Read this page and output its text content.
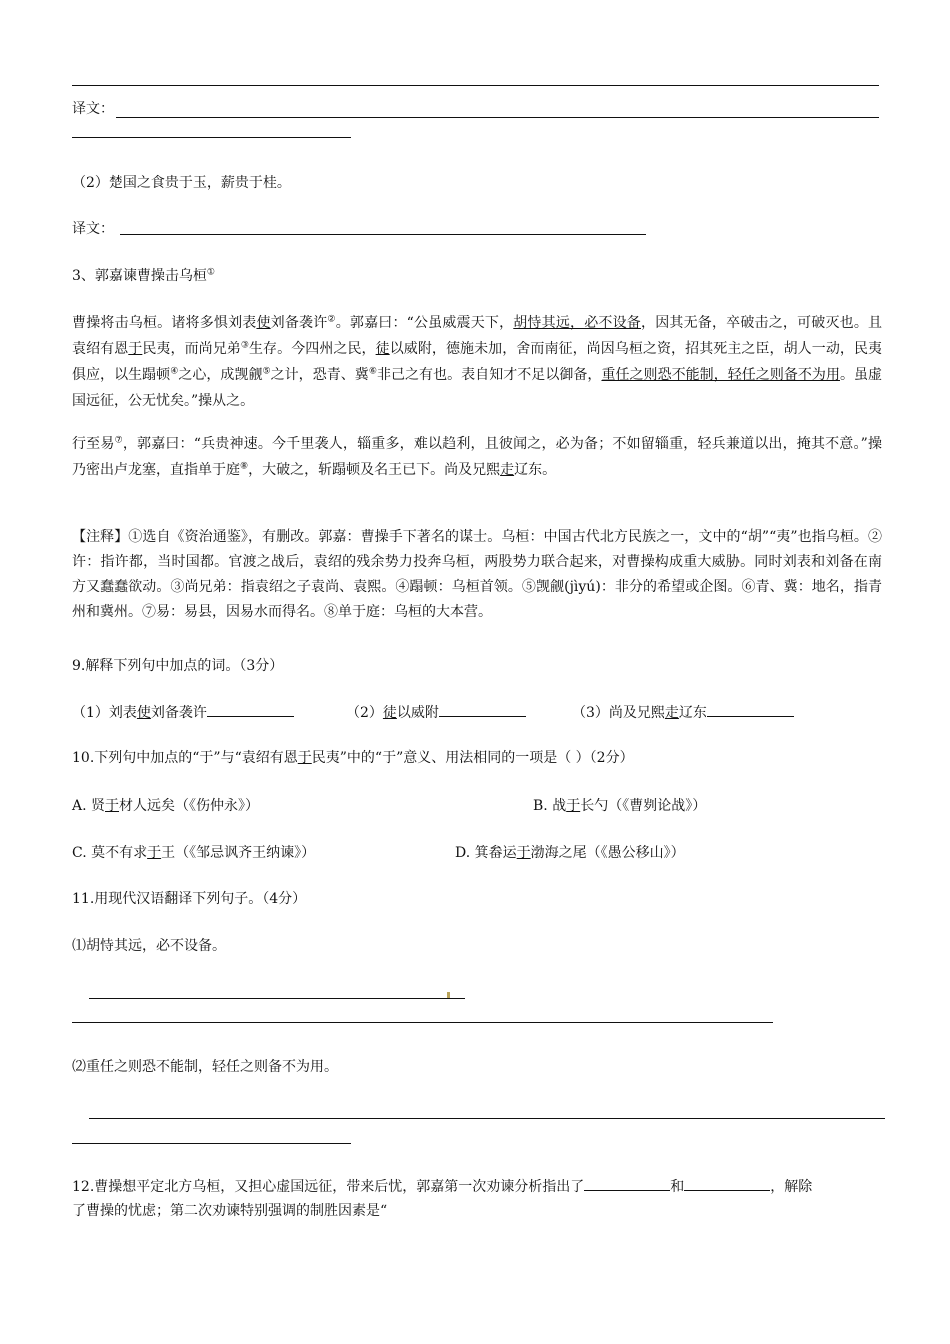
译文：
（2）楚国之食贵于玉，薪贵于桂。
译文：
3、郭嘉谏曹操击乌桓①
曹操将击乌桓。诸将多惧刘表使刘备袭许②。郭嘉曰：“公虽威震天下，胡恃其远，必不设备，因其无备，卒破击之，可破灭也。且袁绍有恩于民夷，而尚兄弟③生存。今四州之民，徒以威附，德施未加，舍而南征，尚因乌桓之资，招其死主之臣，胡人一动，民夷俱应，以生蹋顿④之心，成觊觎⑤之计，恐青、冀⑥非己之有也。表自知才不足以御备，重任之则恐不能制，轻任之则备不为用。虽虚国远征，公无忧矣。”操从之。
行至易⑦，郭嘉曰：“兵贵神速。今千里袭人，辎重多，难以趋利，且彼闻之，必为备；不如留辎重，轻兵兼道以出，掩其不意。”操乃密出卢龙塞，直指单于庭⑧，大破之，斩蹋顿及名王已下。尚及兄熙走辽东。
【注释】①选自《资治通鉴》，有删改。郭嘉：曹操手下著名的谋士。乌桓：中国古代北方民族之一，文中的“胡”“夷”也指乌桓。②许：指许都，当时国都。官渡之战后，袁绍的残余势力投奔乌桓，两股势力联合起来，对曹操构成重大威胁。同时刘表和刘备在南方又蠢蠢欲动。③尚兄弟：指袁绍之子袁尚、袁熙。④蹋顿：乌桓首领。⑤觊觎(jìyú)：非分的希望或企图。⑥青、冀：地名，指青州和冀州。⑦易：易县，因易水而得名。⑧单于庭：乌桓的大本营。
9.解释下列句中加点的词。（3分）
（1）刘表使刘备袭许	（2）徒以威附	（3）尚及兄熙走辽东
10.下列句中加点的“于”与“袁绍有恩于民夷”中的“于”意义、用法相同的一项是（ ）（2分）
A. 贤于材人远矣（《伤仲永》）	B. 战于长勺（《曹刿论战》）
C. 莫不有求于王（《邹忌讽齐王纳谏》）	D. 箕畚运于渤海之尾（《愚公移山》）
11.用现代汉语翻译下列句子。（4分）
⑴胡恃其远，必不设备。
⑵重任之则恐不能制，轻任之则备不为用。
12.曹操想平定北方乌桓，又担心虚国远征，带来后忧，郭嘉第一次劝谏分析指出了	和	，解除
了曹操的忧虑；第二次劝谏特别强调的制胜因素是“
